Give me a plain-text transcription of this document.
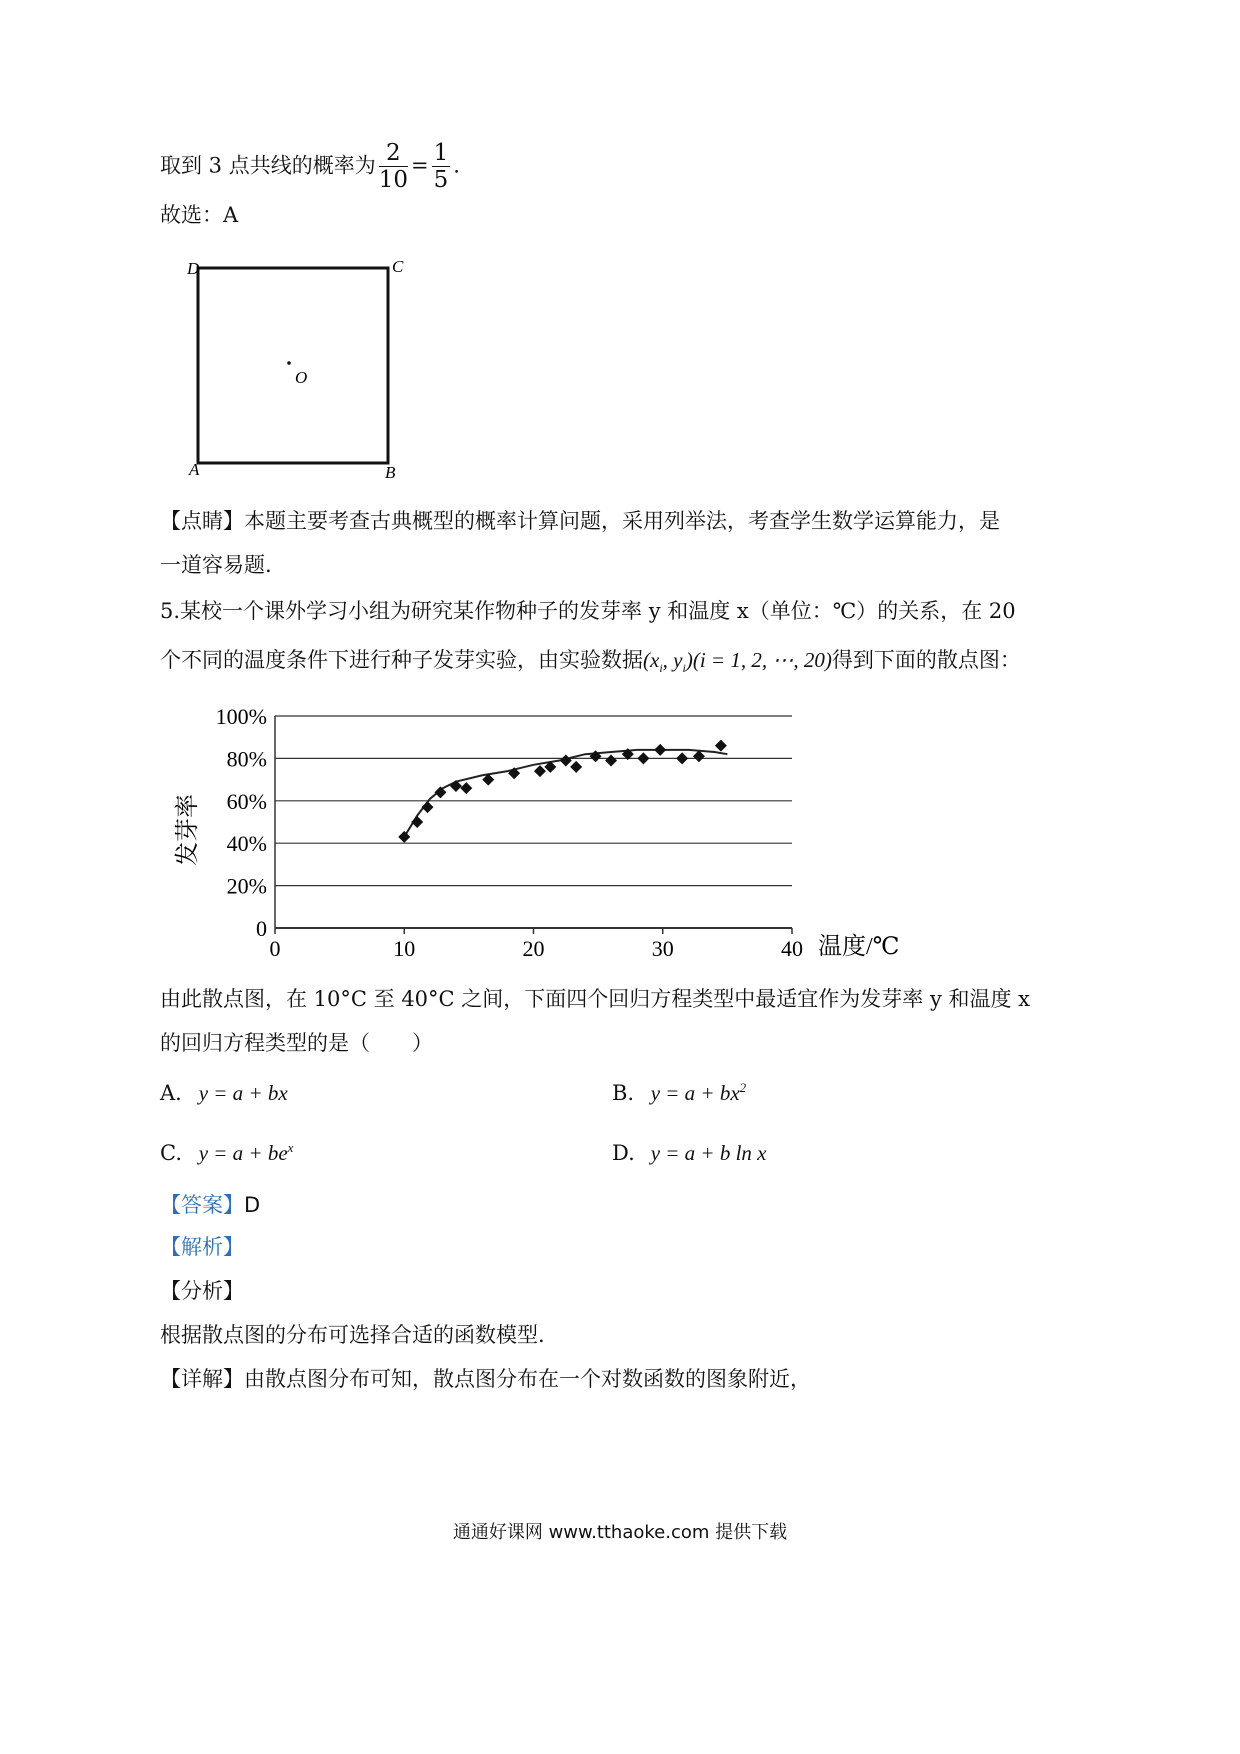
取到 3 点共线的概率为 $\frac{2}{10} = \frac{1}{5}$ .
故选：A
D	C
O
A	B
【点睛】本题主要考查古典概型的概率计算问题，采用列举法，考查学生数学运算能力，是
一道容易题.
5.某校一个课外学习小组为研究某作物种子的发芽率 y 和温度 x（单位：℃）的关系，在 20
个不同的温度条件下进行种子发芽实验，由实验数据($x_i$, $y_i)(i = 1$, 2, ⋯, 20)得到下面的散点图：
0
20%
40%
60%
80%
100%
0	10	20	30	40
发芽率
温度/℃
由此散点图，在 10°C 至 40°C 之间，下面四个回归方程类型中最适宜作为发芽率 y 和温度 x
的回归方程类型的是（　　）
A. y = a + bx	B. $y = a + bx^2$
C. $y = a + be^x$	D. y = a + b ln x
【答案】D
【解析】
【分析】
根据散点图的分布可选择合适的函数模型.
【详解】由散点图分布可知，散点图分布在一个对数函数的图象附近，
通通好课网 www.tthaoke.com 提供下载
